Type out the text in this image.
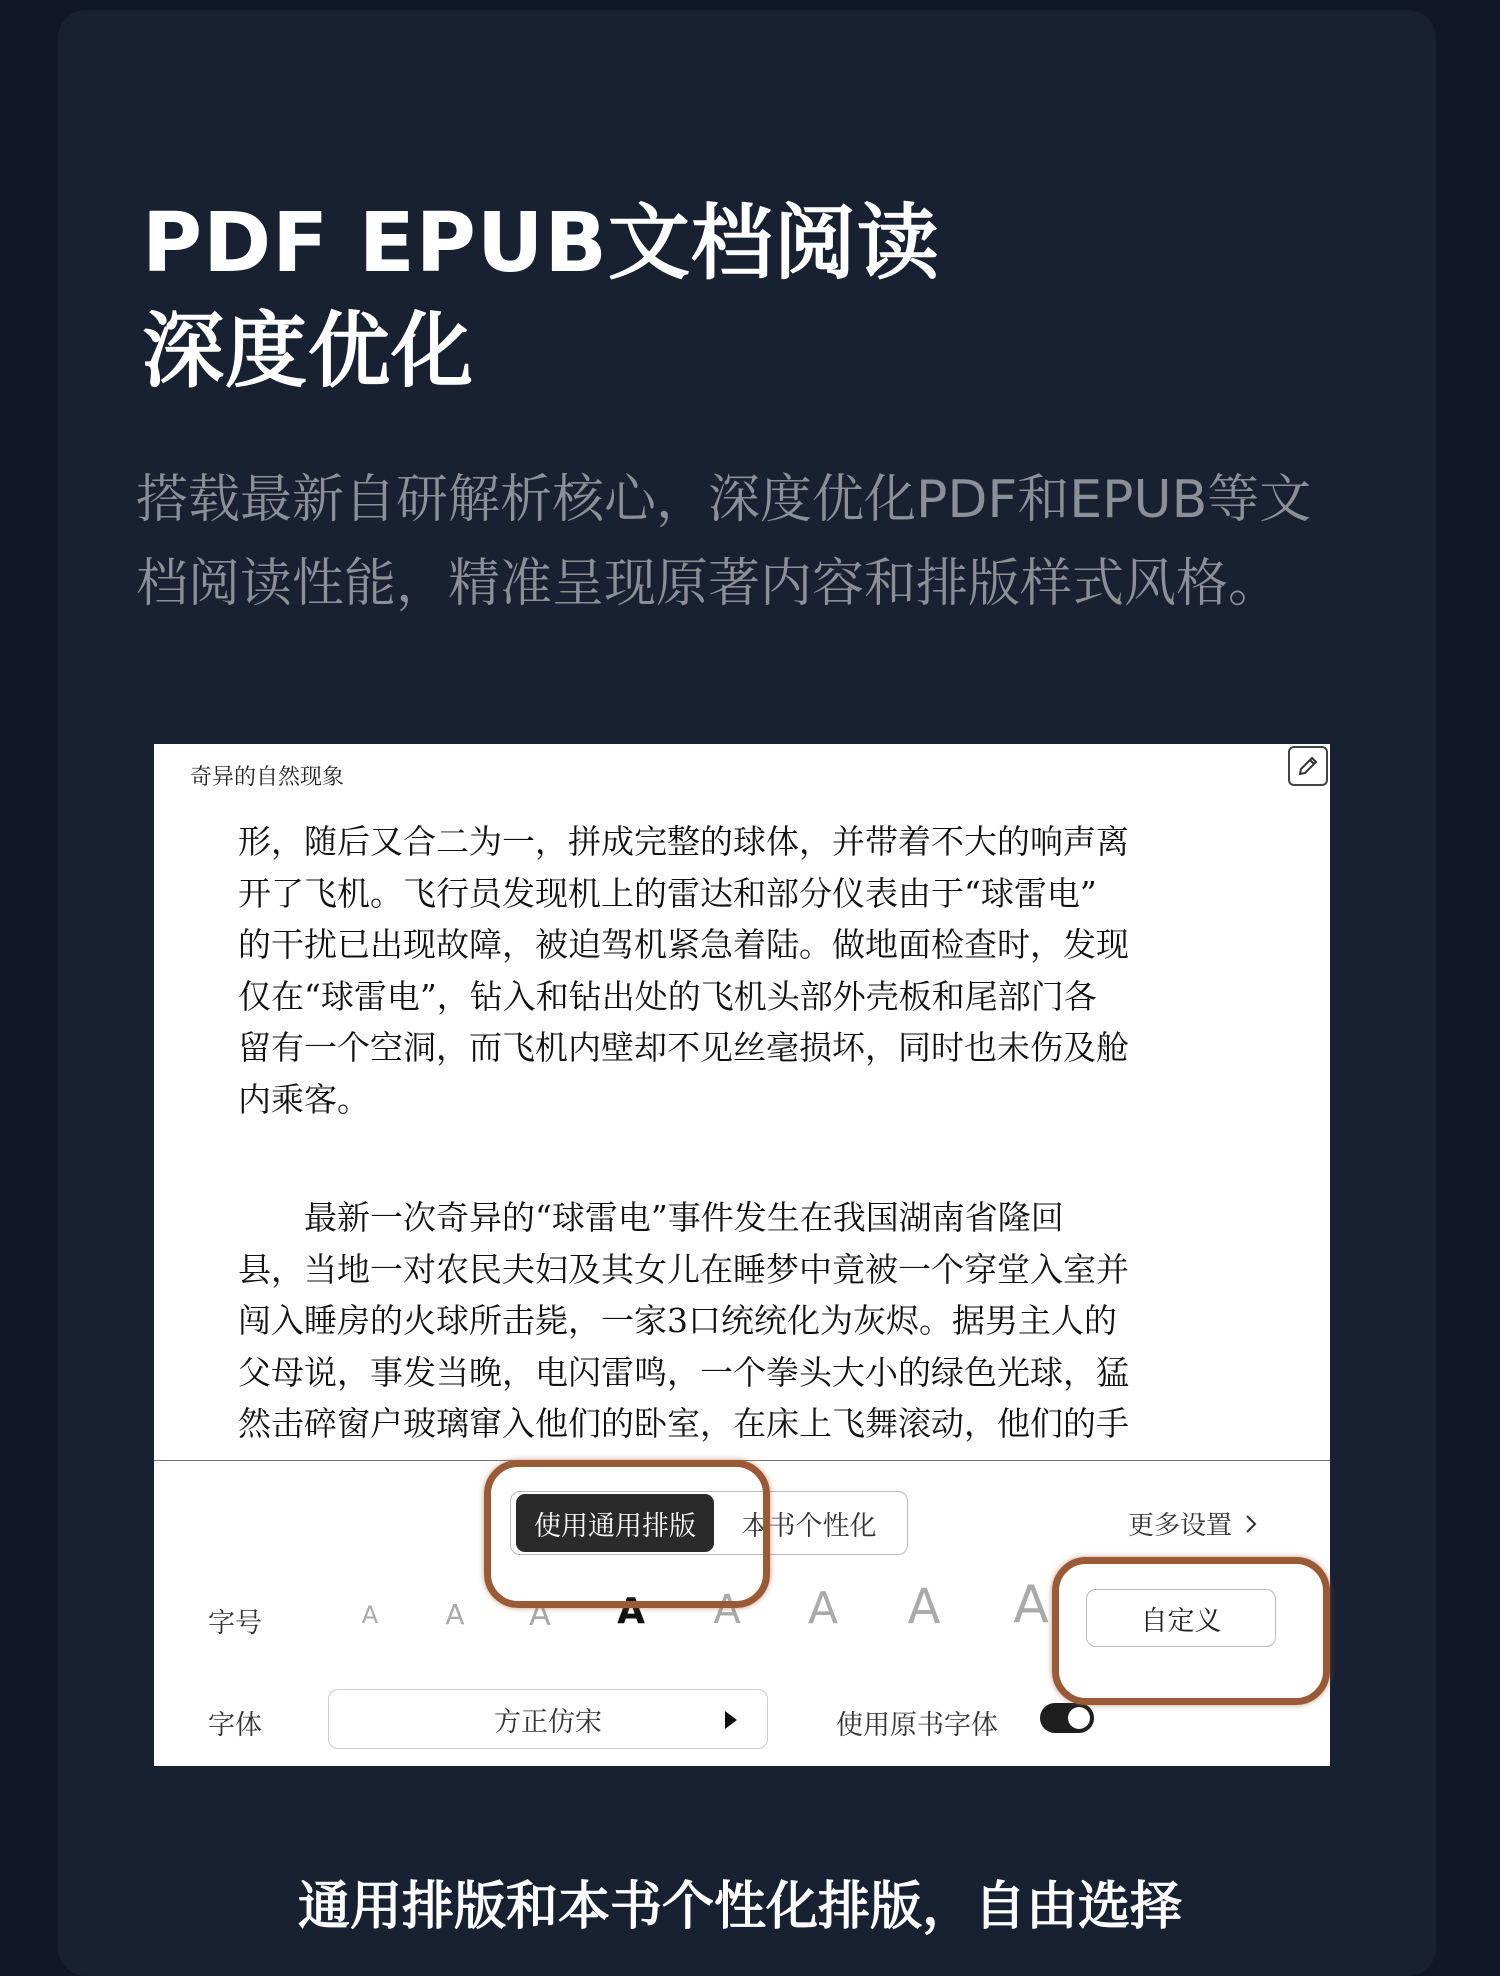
PDF EPUB文档阅读
深度优化
搭载最新自研解析核心，深度优化PDF和EPUB等文
档阅读性能，精准呈现原著内容和排版样式风格。
奇异的自然现象
形，随后又合二为一，拼成完整的球体，并带着不大的响声离
开了飞机。飞行员发现机上的雷达和部分仪表由于“球雷电”
的干扰已出现故障，被迫驾机紧急着陆。做地面检查时，发现
仅在“球雷电”，钻入和钻出处的飞机头部外壳板和尾部门各
留有一个空洞，而飞机内壁却不见丝毫损坏，同时也未伤及舱
内乘客。
最新一次奇异的“球雷电”事件发生在我国湖南省隆回
县，当地一对农民夫妇及其女儿在睡梦中竟被一个穿堂入室并
闯入睡房的火球所击毙，一家3口统统化为灰烬。据男主人的
父母说，事发当晚，电闪雷鸣，一个拳头大小的绿色光球，猛
然击碎窗户玻璃窜入他们的卧室，在床上飞舞滚动，他们的手
使用通用排版	本书个性化	更多设置
字号	A A A A A A A A	自定义
字体	方正仿宋	使用原书字体
通用排版和本书个性化排版，自由选择
